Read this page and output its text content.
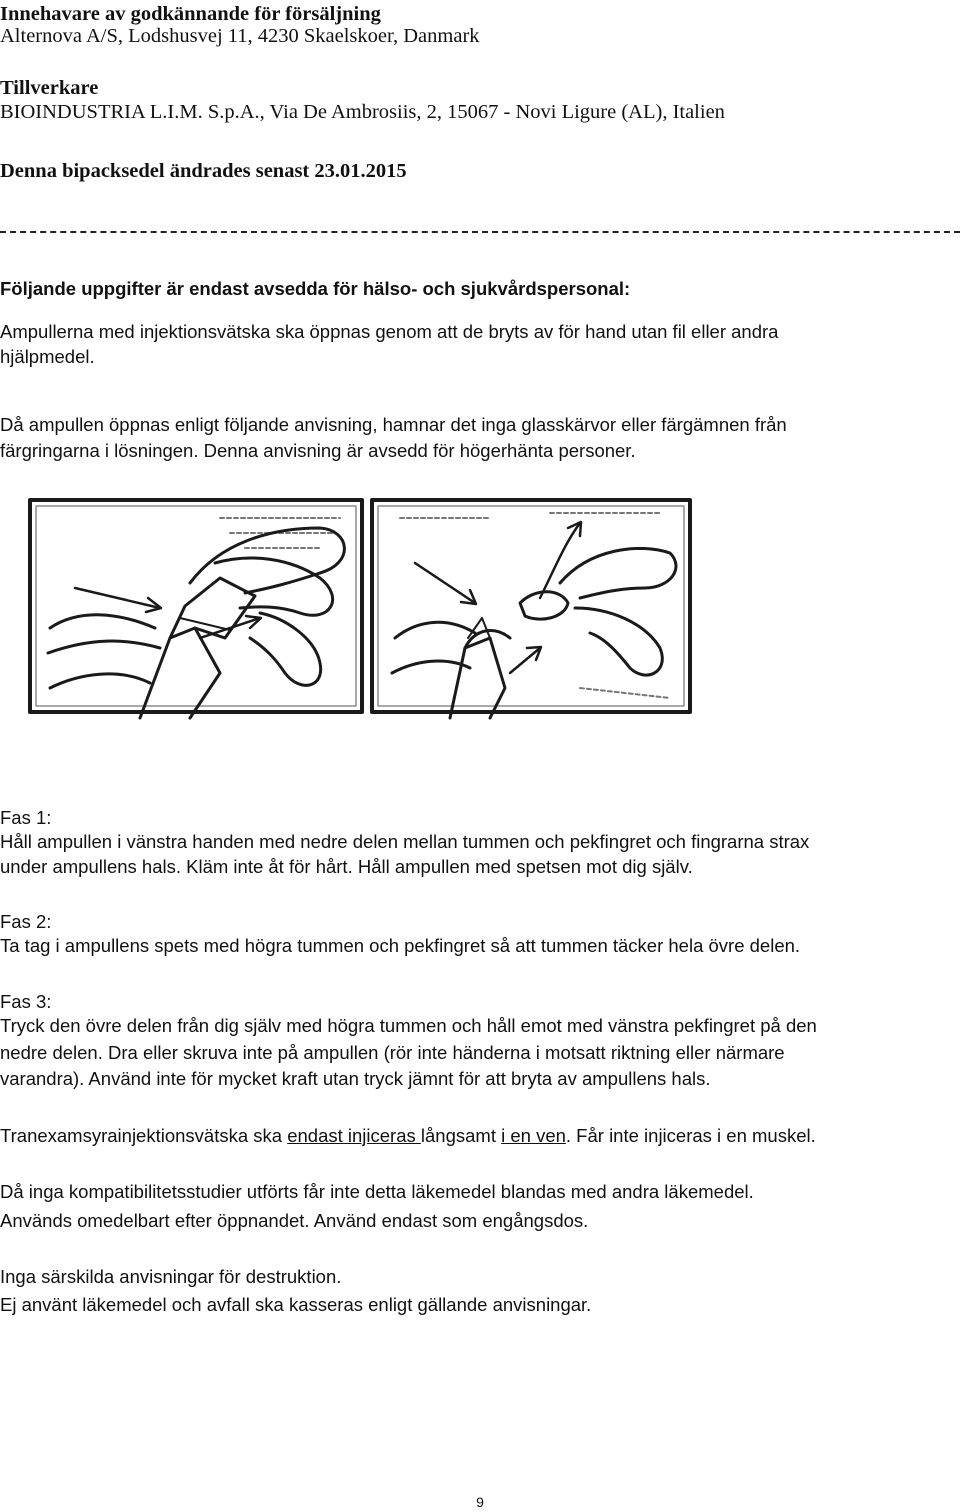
Innehavare av godkännande för försäljning
Alternova A/S, Lodshusvej 11, 4230 Skaelskoer, Danmark
Tillverkare
BIOINDUSTRIA L.I.M. S.p.A., Via De Ambrosiis, 2, 15067 - Novi Ligure (AL), Italien
Denna bipacksedel ändrades senast 23.01.2015
Följande uppgifter är endast avsedda för hälso- och sjukvårdspersonal:
Ampullerna med injektionsvätska ska öppnas genom att de bryts av för hand utan fil eller andra
hjälpmedel.
Då ampullen öppnas enligt följande anvisning, hamnar det inga glasskärvor eller färgämnen från
färgringarna i lösningen. Denna anvisning är avsedd för högerhänta personer.
Fas 1:
Håll ampullen i vänstra handen med nedre delen mellan tummen och pekfingret och fingrarna strax
under ampullens hals. Kläm inte åt för hårt. Håll ampullen med spetsen mot dig själv.
Fas 2:
Ta tag i ampullens spets med högra tummen och pekfingret så att tummen täcker hela övre delen.
Fas 3:
Tryck den övre delen från dig själv med högra tummen och håll emot med vänstra pekfingret på den
nedre delen. Dra eller skruva inte på ampullen (rör inte händerna i motsatt riktning eller närmare
varandra). Använd inte för mycket kraft utan tryck jämnt för att bryta av ampullens hals.
Tranexamsyrainjektionsvätska ska endast injiceras långsamt i en ven. Får inte injiceras i en muskel.
Då inga kompatibilitetsstudier utförts får inte detta läkemedel blandas med andra läkemedel.
Används omedelbart efter öppnandet. Använd endast som engångsdos.
Inga särskilda anvisningar för destruktion.
Ej använt läkemedel och avfall ska kasseras enligt gällande anvisningar.
9
